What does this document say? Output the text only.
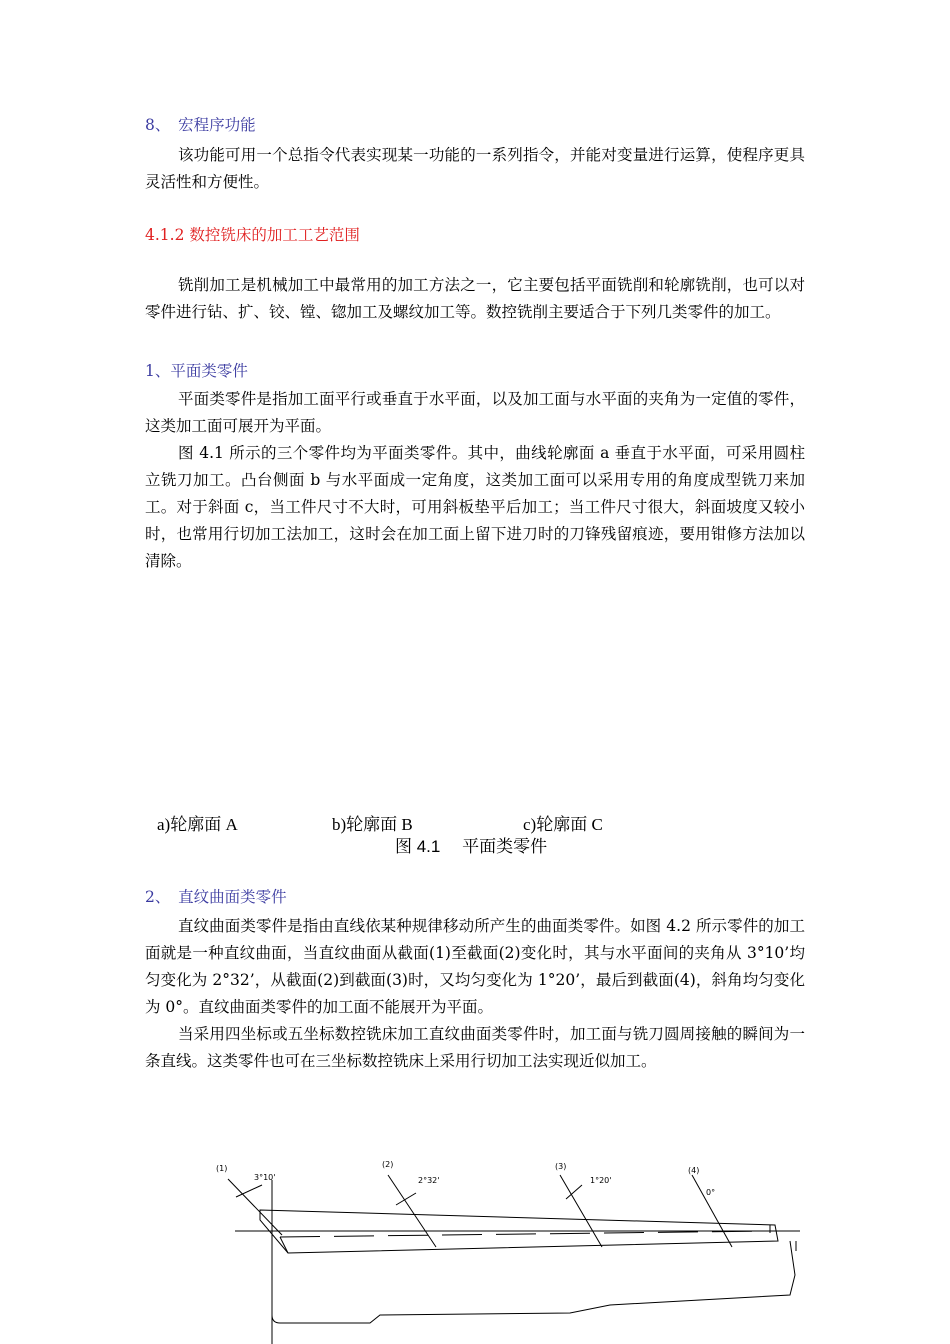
8、　宏程序功能

该功能可用一个总指令代表实现某一功能的一系列指令，并能对变量进行运算，使程序更具灵活性和方便性。

4.1.2 数控铣床的加工工艺范围

铣削加工是机械加工中最常用的加工方法之一，它主要包括平面铣削和轮廓铣削，也可以对零件进行钻、扩、铰、镗、锪加工及螺纹加工等。数控铣削主要适合于下列几类零件的加工。

1、平面类零件

平面类零件是指加工面平行或垂直于水平面，以及加工面与水平面的夹角为一定值的零件，这类加工面可展开为平面。

图 4.1 所示的三个零件均为平面类零件。其中，曲线轮廓面 a 垂直于水平面，可采用圆柱立铣刀加工。凸台侧面 b 与水平面成一定角度，这类加工面可以采用专用的角度成型铣刀来加工。对于斜面 c，当工件尺寸不大时，可用斜板垫平后加工；当工件尺寸很大，斜面坡度又较小时，也常用行切加工法加工，这时会在加工面上留下进刀时的刀锋残留痕迹，要用钳修方法加以清除。

a)轮廓面 A	b)轮廓面 B	c)轮廓面 C
图 4.1　 平面类零件
2、　直纹曲面类零件

直纹曲面类零件是指由直线依某种规律移动所产生的曲面类零件。如图 4.2 所示零件的加工面就是一种直纹曲面，当直纹曲面从截面(1)至截面(2)变化时，其与水平面间的夹角从 3°10’均匀变化为 2°32’，从截面(2)到截面(3)时，又均匀变化为 1°20’，最后到截面(4)，斜角均匀变化为 0°。直纹曲面类零件的加工面不能展开为平面。

当采用四坐标或五坐标数控铣床加工直纹曲面类零件时，加工面与铣刀圆周接触的瞬间为一条直线。这类零件也可在三坐标数控铣床上采用行切加工法实现近似加工。

(1)
3°10'
(2)
2°32'
(3)
1°20'
(4)
0°
